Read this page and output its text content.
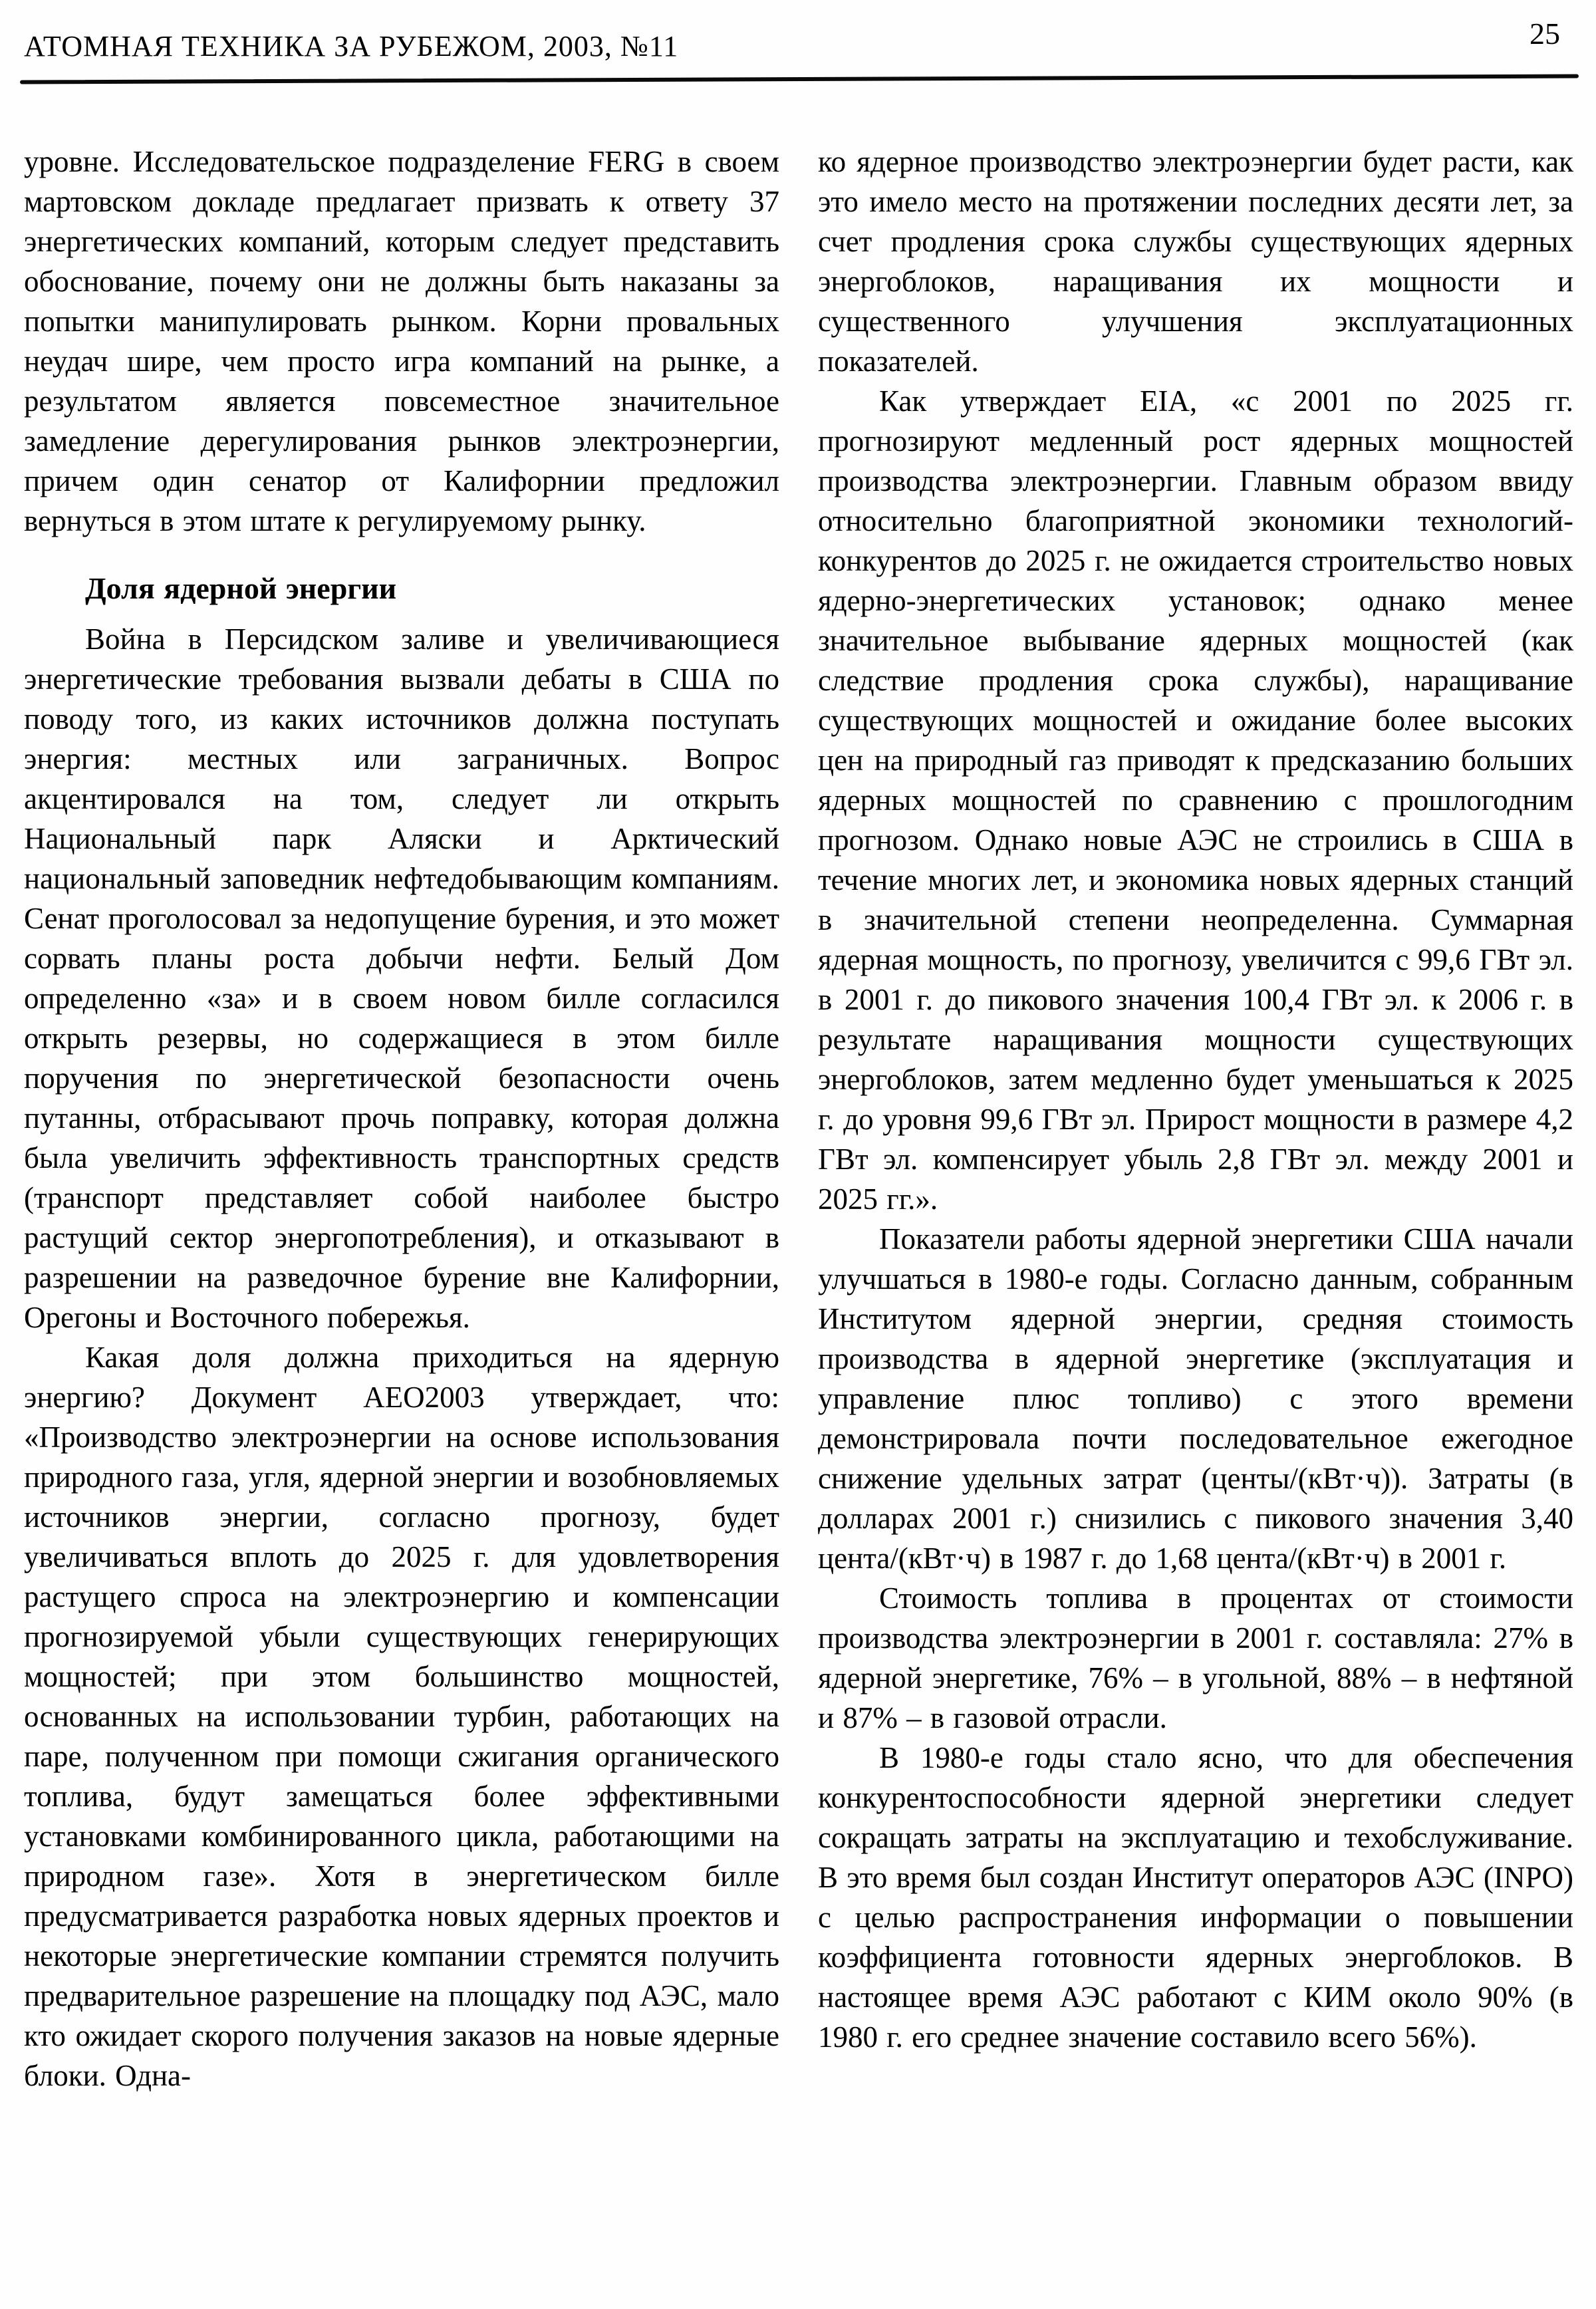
АТОМНАЯ ТЕХНИКА ЗА РУБЕЖОМ, 2003, №11	25

уровне. Исследовательское подразделение FERG в своем мартовском докладе предлагает призвать к ответу 37 энергетических компаний, которым следует представить обоснование, почему они не должны быть наказаны за попытки манипулировать рынком. Корни провальных неудач шире, чем просто игра компаний на рынке, а результатом является повсеместное значительное замедление дерегулирования рынков электроэнергии, причем один сенатор от Калифорнии предложил вернуться в этом штате к регулируемому рынку.

Доля ядерной энергии

Война в Персидском заливе и увеличивающиеся энергетические требования вызвали дебаты в США по поводу того, из каких источников должна поступать энергия: местных или заграничных. Вопрос акцентировался на том, следует ли открыть Национальный парк Аляски и Арктический национальный заповедник нефтедобывающим компаниям. Сенат проголосовал за недопущение бурения, и это может сорвать планы роста добычи нефти. Белый Дом определенно «за» и в своем новом билле согласился открыть резервы, но содержащиеся в этом билле поручения по энергетической безопасности очень путанны, отбрасывают прочь поправку, которая должна была увеличить эффективность транспортных средств (транспорт представляет собой наиболее быстро растущий сектор энергопотребления), и отказывают в разрешении на разведочное бурение вне Калифорнии, Орегоны и Восточного побережья.

Какая доля должна приходиться на ядерную энергию? Документ AEO2003 утверждает, что: «Производство электроэнергии на основе использования природного газа, угля, ядерной энергии и возобновляемых источников энергии, согласно прогнозу, будет увеличиваться вплоть до 2025 г. для удовлетворения растущего спроса на электроэнергию и компенсации прогнозируемой убыли существующих генерирующих мощностей; при этом большинство мощностей, основанных на использовании турбин, работающих на паре, полученном при помощи сжигания органического топлива, будут замещаться более эффективными установками комбинированного цикла, работающими на природном газе». Хотя в энергетическом билле предусматривается разработка новых ядерных проектов и некоторые энергетические компании стремятся получить предварительное разрешение на площадку под АЭС, мало кто ожидает скорого получения заказов на новые ядерные блоки. Одна-

ко ядерное производство электроэнергии будет расти, как это имело место на протяжении последних десяти лет, за счет продления срока службы существующих ядерных энергоблоков, наращивания их мощности и существенного улучшения эксплуатационных показателей.

Как утверждает EIA, «с 2001 по 2025 гг. прогнозируют медленный рост ядерных мощностей производства электроэнергии. Главным образом ввиду относительно благоприятной экономики технологий-конкурентов до 2025 г. не ожидается строительство новых ядерно-энергетических установок; однако менее значительное выбывание ядерных мощностей (как следствие продления срока службы), наращивание существующих мощностей и ожидание более высоких цен на природный газ приводят к предсказанию больших ядерных мощностей по сравнению с прошлогодним прогнозом. Однако новые АЭС не строились в США в течение многих лет, и экономика новых ядерных станций в значительной степени неопределенна. Суммарная ядерная мощность, по прогнозу, увеличится с 99,6 ГВт эл. в 2001 г. до пикового значения 100,4 ГВт эл. к 2006 г. в результате наращивания мощности существующих энергоблоков, затем медленно будет уменьшаться к 2025 г. до уровня 99,6 ГВт эл. Прирост мощности в размере 4,2 ГВт эл. компенсирует убыль 2,8 ГВт эл. между 2001 и 2025 гг.».

Показатели работы ядерной энергетики США начали улучшаться в 1980-е годы. Согласно данным, собранным Институтом ядерной энергии, средняя стоимость производства в ядерной энергетике (эксплуатация и управление плюс топливо) с этого времени демонстрировала почти последовательное ежегодное снижение удельных затрат (центы/(кВт·ч)). Затраты (в долларах 2001 г.) снизились с пикового значения 3,40 цента/(кВт·ч) в 1987 г. до 1,68 цента/(кВт·ч) в 2001 г.

Стоимость топлива в процентах от стоимости производства электроэнергии в 2001 г. составляла: 27% в ядерной энергетике, 76% – в угольной, 88% – в нефтяной и 87% – в газовой отрасли.

В 1980-е годы стало ясно, что для обеспечения конкурентоспособности ядерной энергетики следует сокращать затраты на эксплуатацию и техобслуживание. В это время был создан Институт операторов АЭС (INPO) с целью распространения информации о повышении коэффициента готовности ядерных энергоблоков. В настоящее время АЭС работают с КИМ около 90% (в 1980 г. его среднее значение составило всего 56%).
